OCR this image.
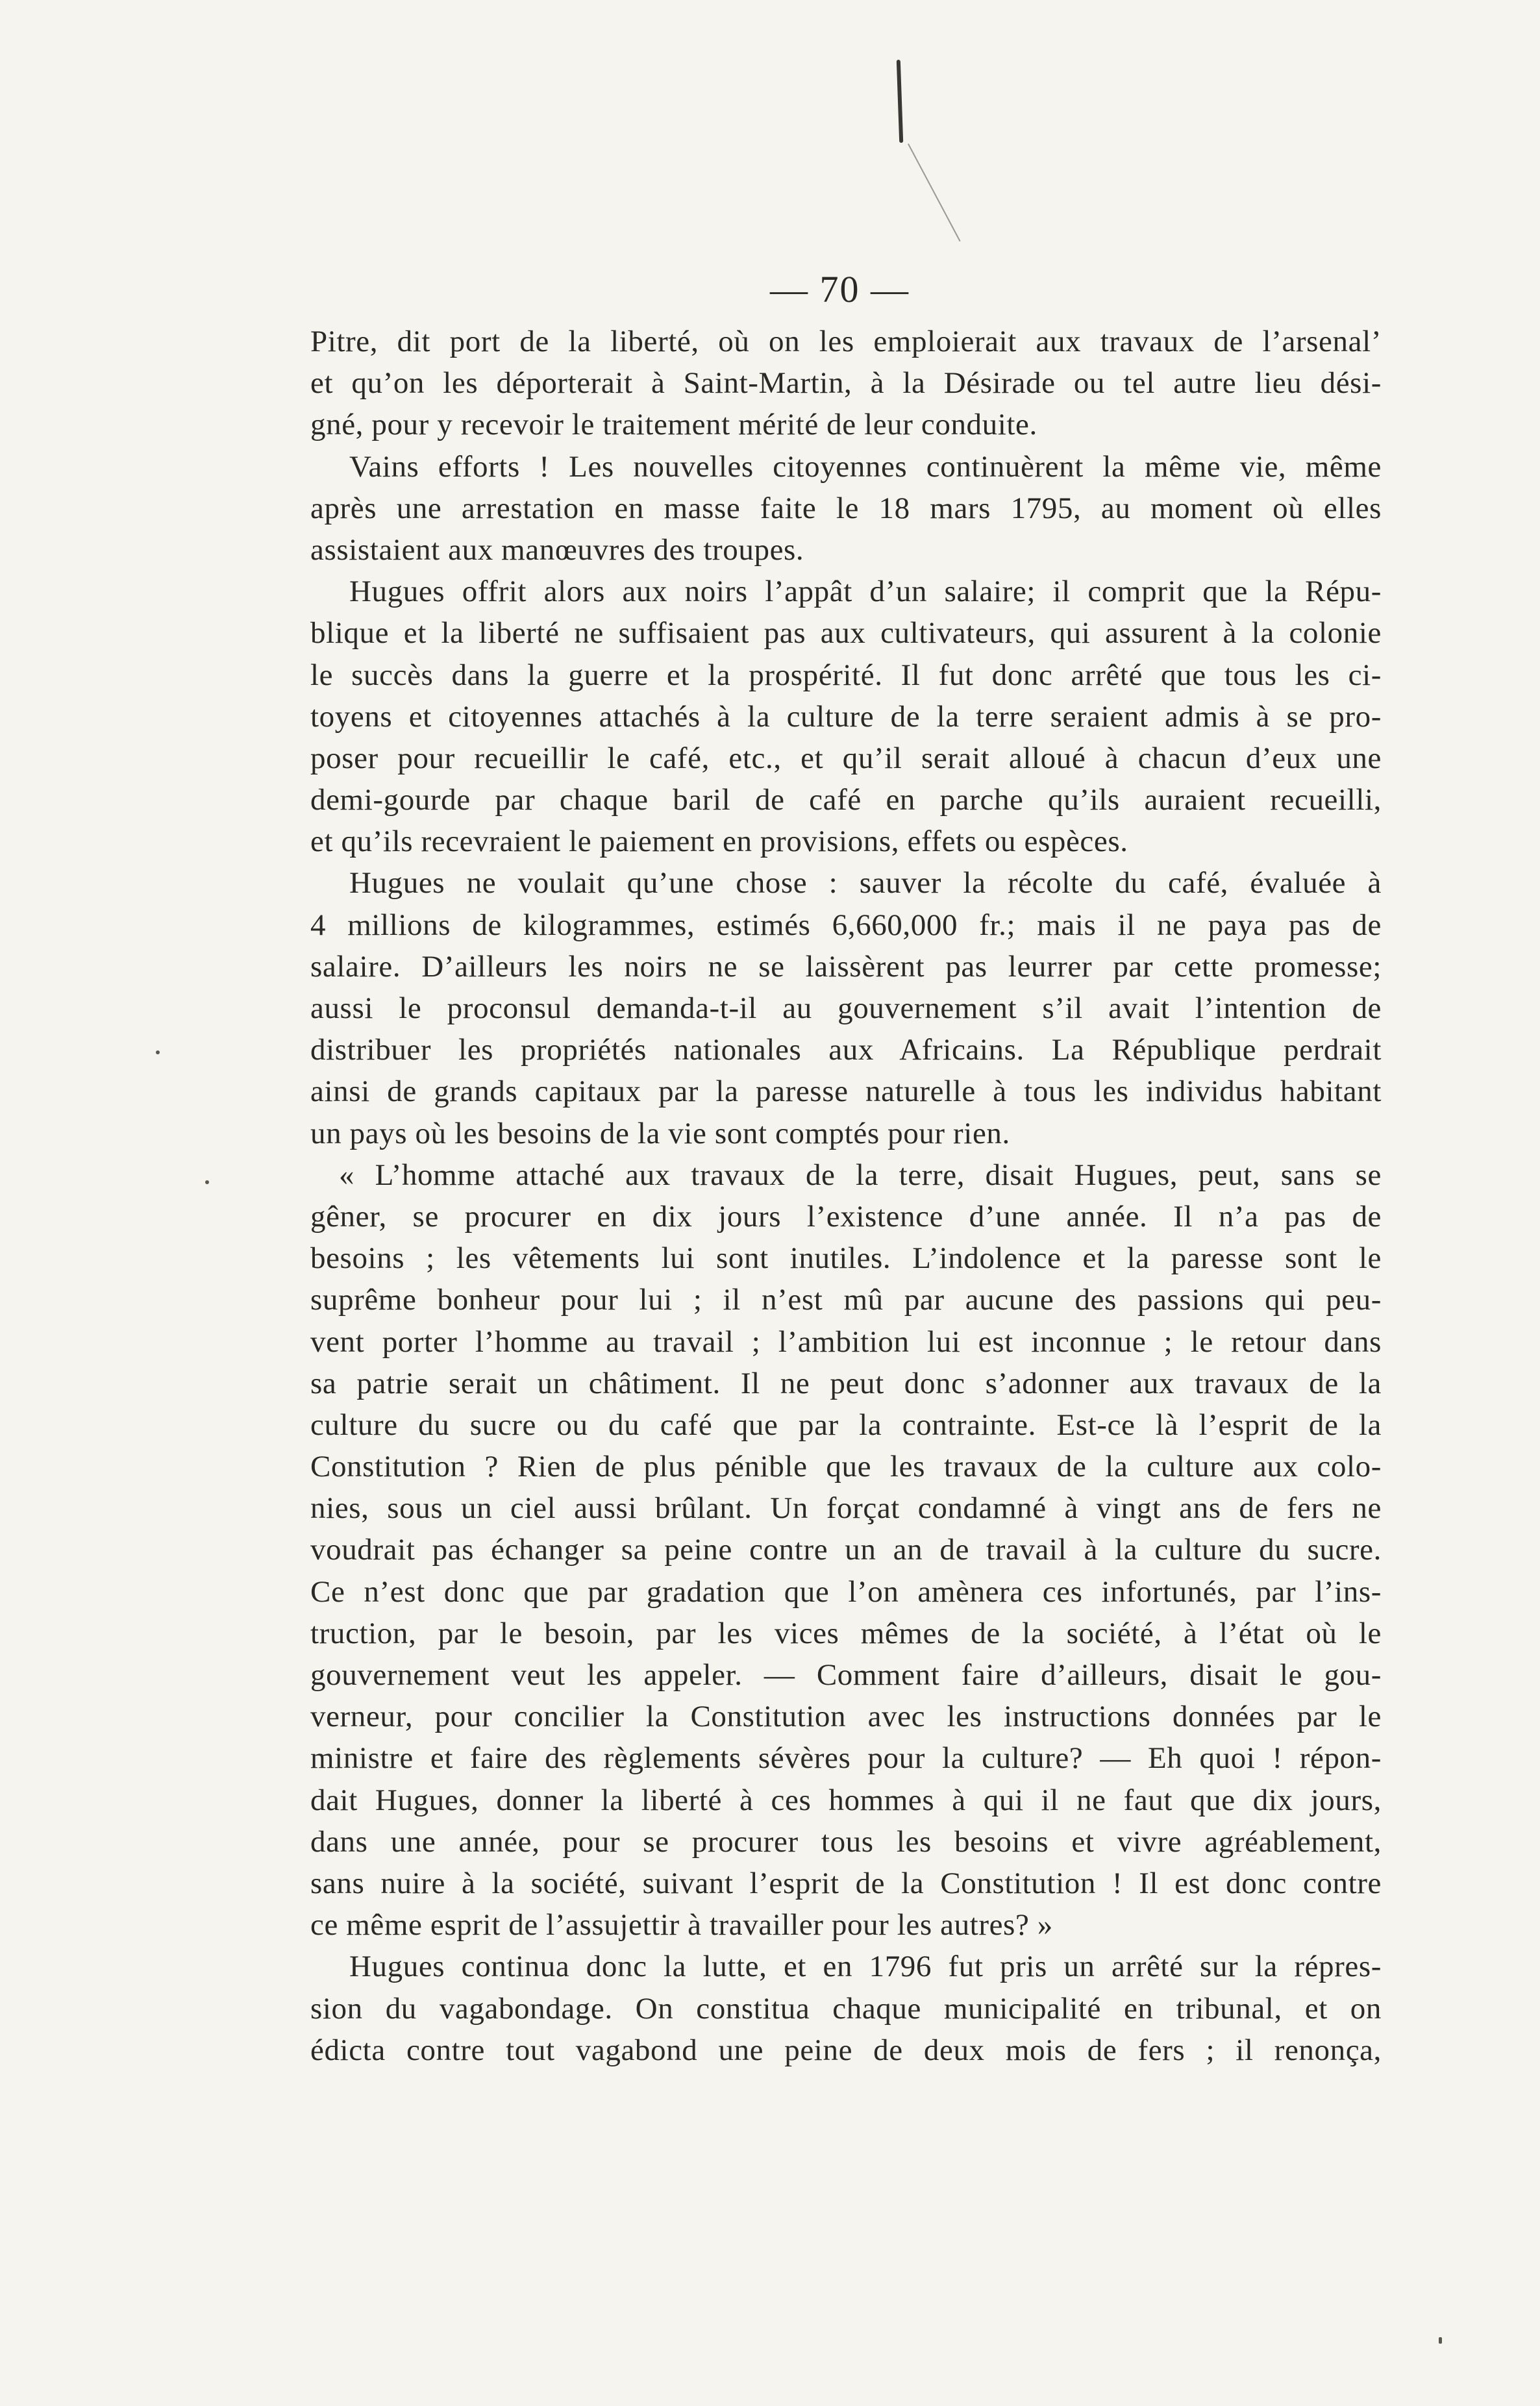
— 70 —
Pitre, dit port de la liberté, où on les emploierait aux travaux de l’arsenal’
et qu’on les déporterait à Saint-Martin, à la Désirade ou tel autre lieu dési-
gné, pour y recevoir le traitement mérité de leur conduite.
Vains efforts ! Les nouvelles citoyennes continuèrent la même vie, même
après une arrestation en masse faite le 18 mars 1795, au moment où elles
assistaient aux manœuvres des troupes.
Hugues offrit alors aux noirs l’appât d’un salaire; il comprit que la Répu-
blique et la liberté ne suffisaient pas aux cultivateurs, qui assurent à la colonie
le succès dans la guerre et la prospérité. Il fut donc arrêté que tous les ci-
toyens et citoyennes attachés à la culture de la terre seraient admis à se pro-
poser pour recueillir le café, etc., et qu’il serait alloué à chacun d’eux une
demi-gourde par chaque baril de café en parche qu’ils auraient recueilli,
et qu’ils recevraient le paiement en provisions, effets ou espèces.
Hugues ne voulait qu’une chose : sauver la récolte du café, évaluée à
4 millions de kilogrammes, estimés 6,660,000 fr.; mais il ne paya pas de
salaire. D’ailleurs les noirs ne se laissèrent pas leurrer par cette promesse;
aussi le proconsul demanda-t-il au gouvernement s’il avait l’intention de
distribuer les propriétés nationales aux Africains. La République perdrait
ainsi de grands capitaux par la paresse naturelle à tous les individus habitant
un pays où les besoins de la vie sont comptés pour rien.
« L’homme attaché aux travaux de la terre, disait Hugues, peut, sans se
gêner, se procurer en dix jours l’existence d’une année. Il n’a pas de
besoins ; les vêtements lui sont inutiles. L’indolence et la paresse sont le
suprême bonheur pour lui ; il n’est mû par aucune des passions qui peu-
vent porter l’homme au travail ; l’ambition lui est inconnue ; le retour dans
sa patrie serait un châtiment. Il ne peut donc s’adonner aux travaux de la
culture du sucre ou du café que par la contrainte. Est-ce là l’esprit de la
Constitution ? Rien de plus pénible que les travaux de la culture aux colo-
nies, sous un ciel aussi brûlant. Un forçat condamné à vingt ans de fers ne
voudrait pas échanger sa peine contre un an de travail à la culture du sucre.
Ce n’est donc que par gradation que l’on amènera ces infortunés, par l’ins-
truction, par le besoin, par les vices mêmes de la société, à l’état où le
gouvernement veut les appeler. — Comment faire d’ailleurs, disait le gou-
verneur, pour concilier la Constitution avec les instructions données par le
ministre et faire des règlements sévères pour la culture? — Eh quoi ! répon-
dait Hugues, donner la liberté à ces hommes à qui il ne faut que dix jours,
dans une année, pour se procurer tous les besoins et vivre agréablement,
sans nuire à la société, suivant l’esprit de la Constitution ! Il est donc contre
ce même esprit de l’assujettir à travailler pour les autres? »
Hugues continua donc la lutte, et en 1796 fut pris un arrêté sur la répres-
sion du vagabondage. On constitua chaque municipalité en tribunal, et on
édicta contre tout vagabond une peine de deux mois de fers ; il renonça,
